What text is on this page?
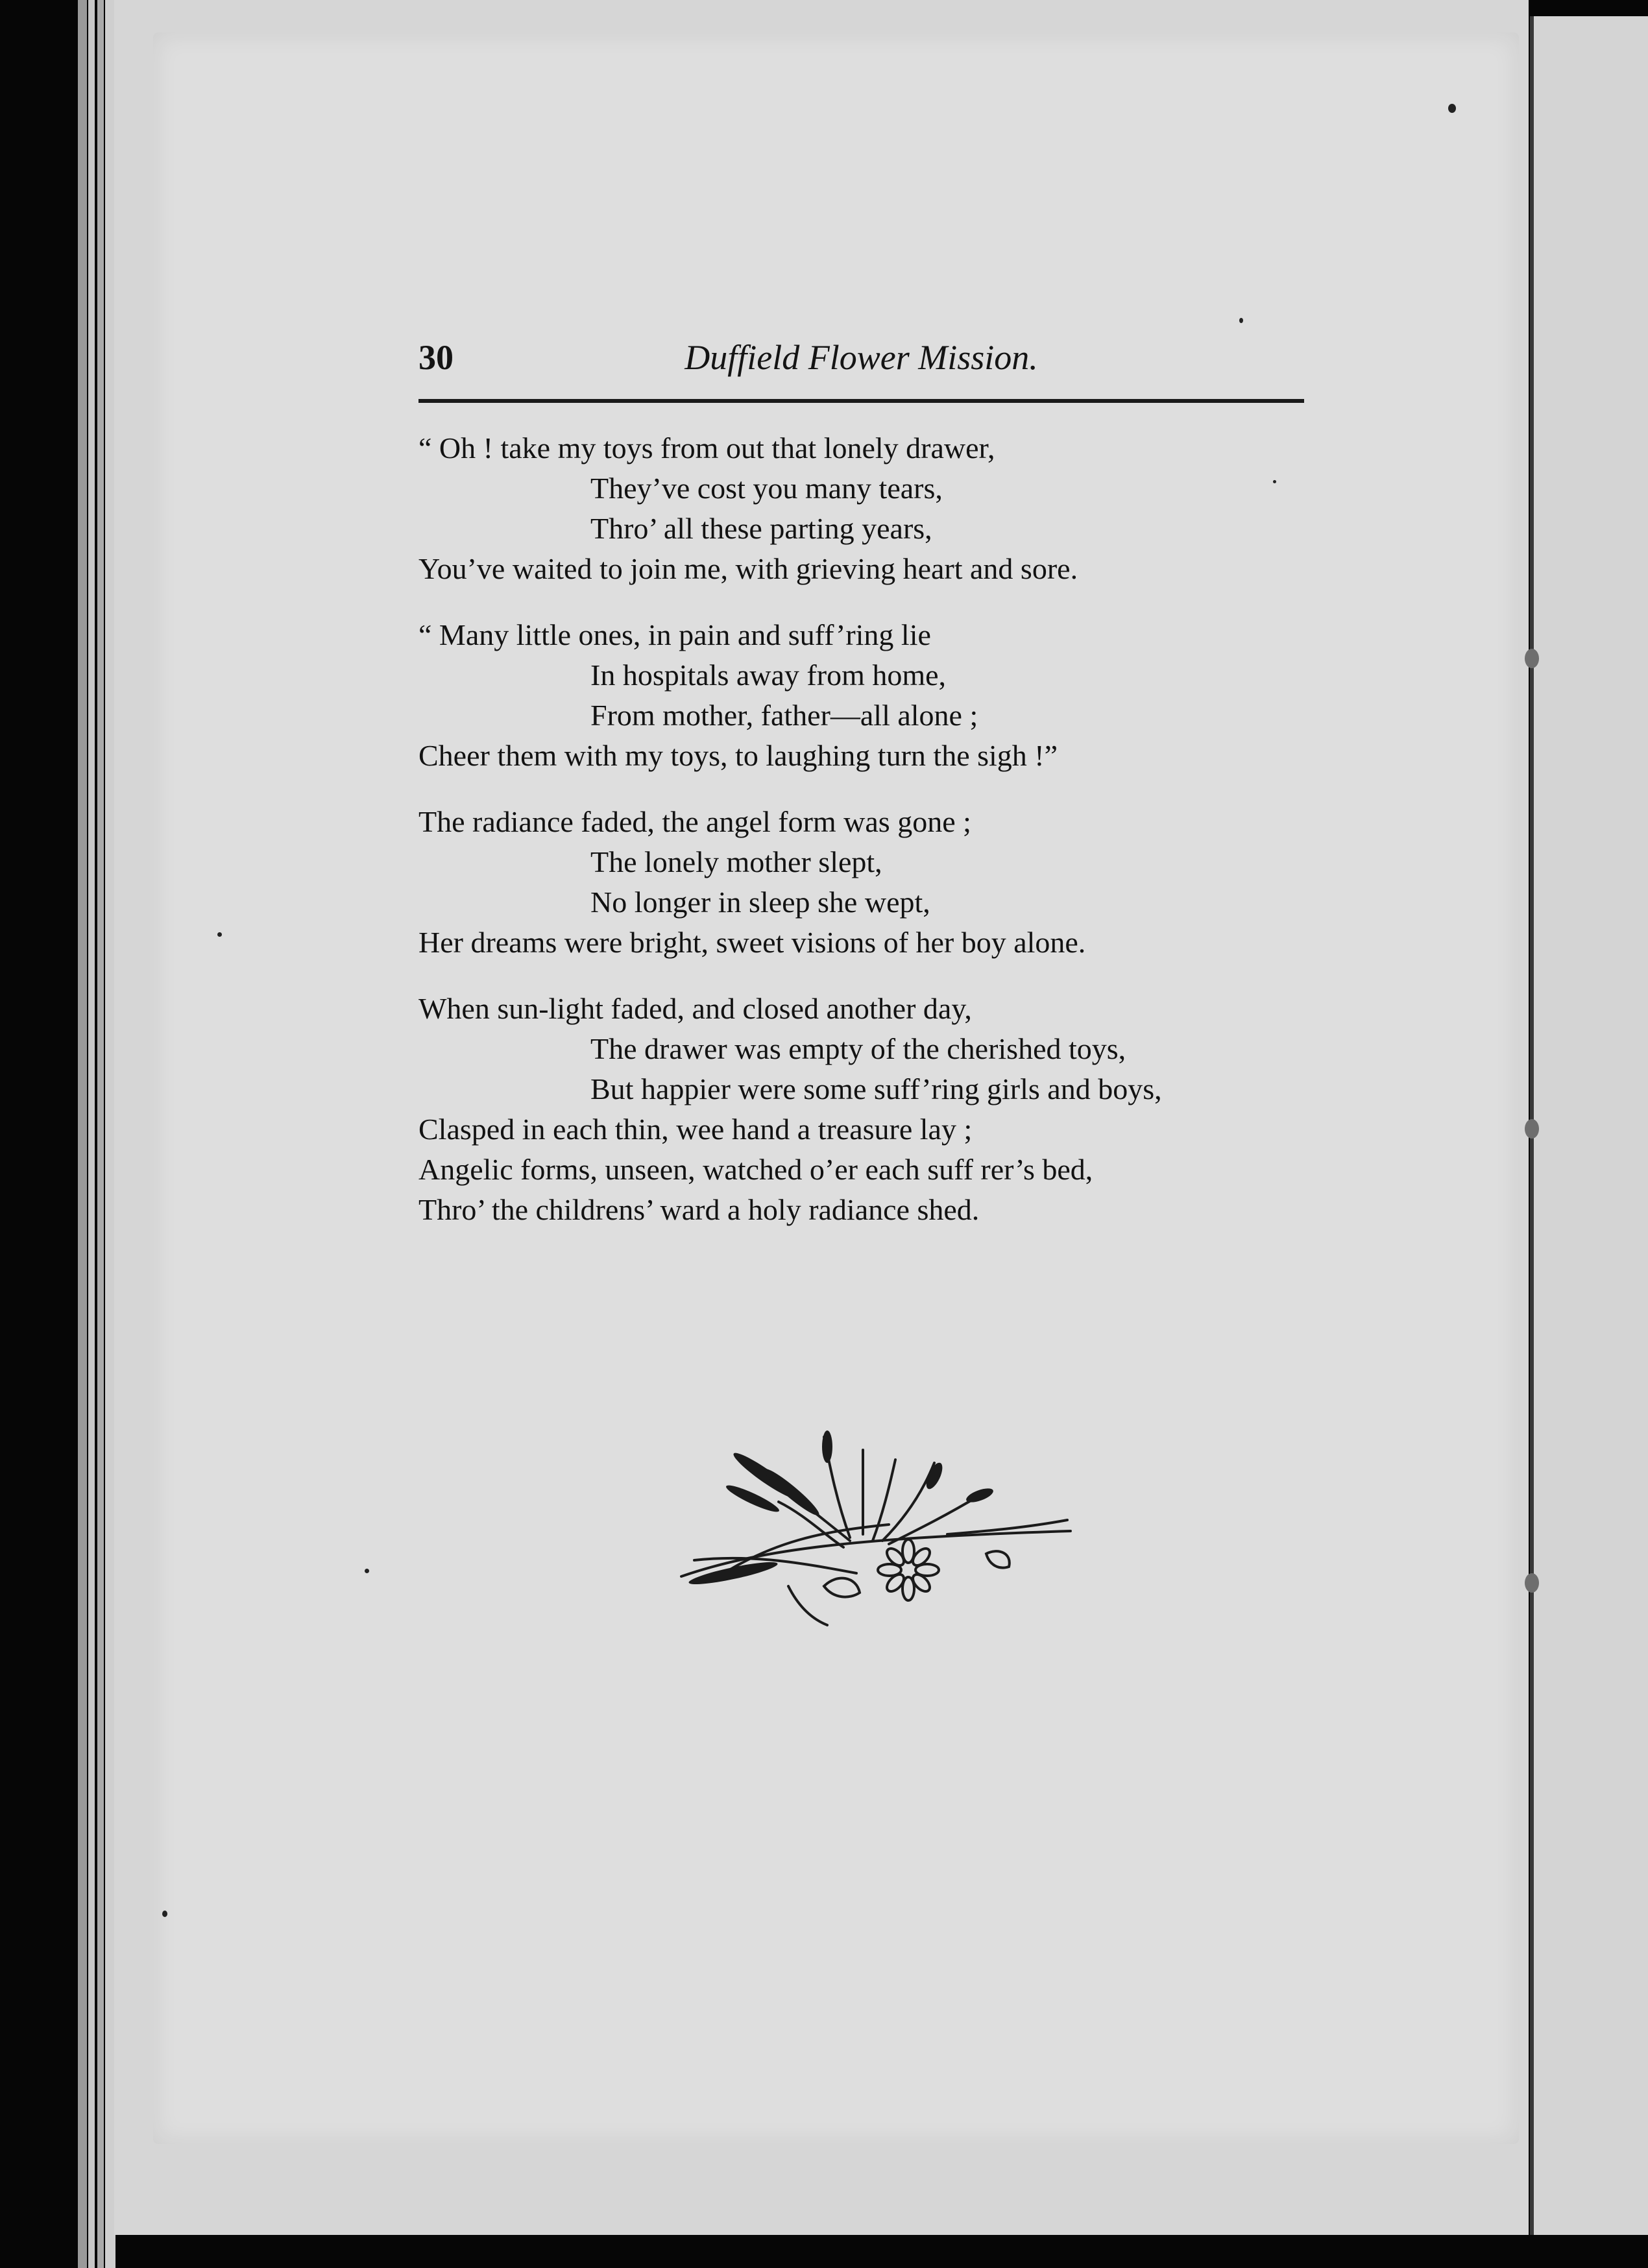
30	Duffield Flower Mission.
“ Oh ! take my toys from out that lonely drawer,
They’ve cost you many tears,
Thro’ all these parting years,
You’ve waited to join me, with grieving heart and sore.
“ Many little ones, in pain and suff’ring lie
In hospitals away from home,
From mother, father—all alone ;
Cheer them with my toys, to laughing turn the sigh !”
The radiance faded, the angel form was gone ;
The lonely mother slept,
No longer in sleep she wept,
Her dreams were bright, sweet visions of her boy alone.
When sun-light faded, and closed another day,
The drawer was empty of the cherished toys,
But happier were some suff’ring girls and boys,
Clasped in each thin, wee hand a treasure lay ;
Angelic forms, unseen, watched o’er each suff rer’s bed,
Thro’ the childrens’ ward a holy radiance shed.
